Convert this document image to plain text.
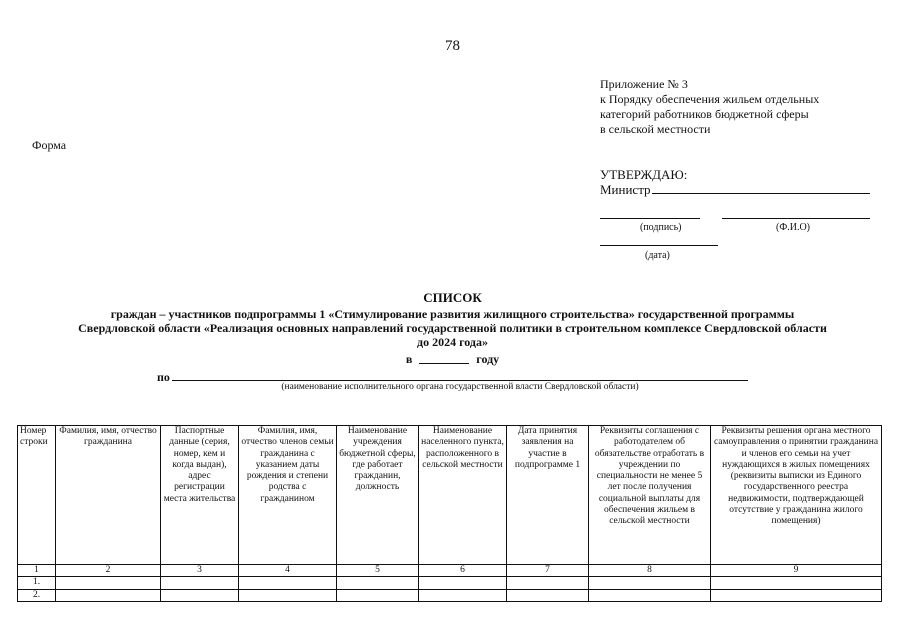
78
Форма
Приложение № 3
к Порядку обеспечения жильем отдельных
категорий работников бюджетной сферы
в сельской местности
УТВЕРЖДАЮ:
Министр
(подпись)	(Ф.И.О)
(дата)
СПИСОК
граждан – участников подпрограммы 1 «Стимулирование развития жилищного строительства» государственной программы
Свердловской области «Реализация основных направлений государственной политики в строительном комплексе Свердловской области
до 2024 года»
в	году
по
(наименование исполнительного органа государственной власти Свердловской области)
Номер строки	Фамилия, имя, отчество гражданина	Паспортные данные (серия, номер, кем и когда выдан), адрес регистрации места жительства	Фамилия, имя, отчество членов семьи гражданина с указанием даты рождения и степени родства с гражданином	Наименование учреждения бюджетной сферы, где работает гражданин, должность	Наименование населенного пункта, расположенного в сельской местности	Дата принятия заявления на участие в подпрограмме 1	Реквизиты соглашения с работодателем об обязательстве отработать в учреждении по специальности не менее 5 лет после получения социальной выплаты для обеспечения жильем в сельской местности	Реквизиты решения органа местного самоуправления о принятии гражданина и членов его семьи на учет нуждающихся в жилых помещениях (реквизиты выписки из Единого государственного реестра недвижимости, подтверждающей отсутствие у гражданина жилого помещения)
1	2	3	4	5	6	7	8	9
1.								
2.								
